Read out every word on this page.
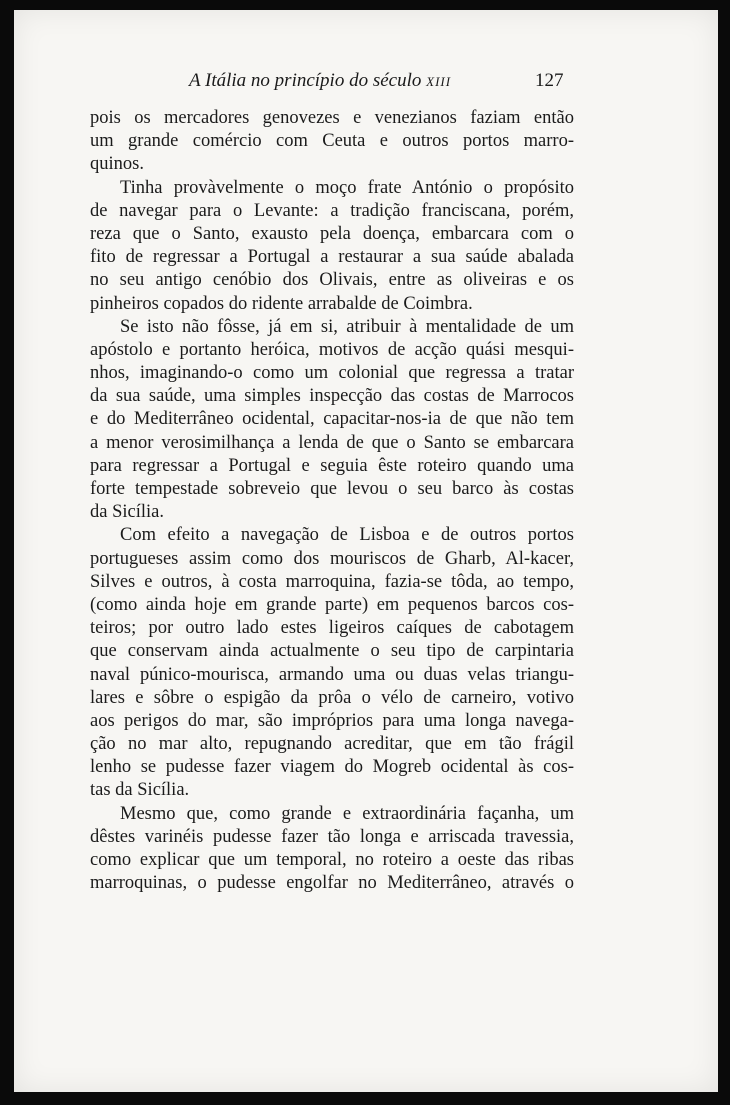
A Itália no princípio do século XIII	127
pois os mercadores genovezes e venezianos faziam então
um grande comércio com Ceuta e outros portos marro-
quinos.
Tinha provàvelmente o moço frate António o propósito
de navegar para o Levante: a tradição franciscana, porém,
reza que o Santo, exausto pela doença, embarcara com o
fito de regressar a Portugal a restaurar a sua saúde abalada
no seu antigo cenóbio dos Olivais, entre as oliveiras e os
pinheiros copados do ridente arrabalde de Coimbra.
Se isto não fôsse, já em si, atribuir à mentalidade de um
apóstolo e portanto heróica, motivos de acção quási mesqui-
nhos, imaginando-o como um colonial que regressa a tratar
da sua saúde, uma simples inspecção das costas de Marrocos
e do Mediterrâneo ocidental, capacitar-nos-ia de que não tem
a menor verosimilhança a lenda de que o Santo se embarcara
para regressar a Portugal e seguia êste roteiro quando uma
forte tempestade sobreveio que levou o seu barco às costas
da Sicília.
Com efeito a navegação de Lisboa e de outros portos
portugueses assim como dos mouriscos de Gharb, Al-kacer,
Silves e outros, à costa marroquina, fazia-se tôda, ao tempo,
(como ainda hoje em grande parte) em pequenos barcos cos-
teiros; por outro lado estes ligeiros caíques de cabotagem
que conservam ainda actualmente o seu tipo de carpintaria
naval púnico-mourisca, armando uma ou duas velas triangu-
lares e sôbre o espigão da prôa o vélo de carneiro, votivo
aos perigos do mar, são impróprios para uma longa navega-
ção no mar alto, repugnando acreditar, que em tão frágil
lenho se pudesse fazer viagem do Mogreb ocidental às cos-
tas da Sicília.
Mesmo que, como grande e extraordinária façanha, um
dêstes varinéis pudesse fazer tão longa e arriscada travessia,
como explicar que um temporal, no roteiro a oeste das ribas
marroquinas, o pudesse engolfar no Mediterrâneo, através o
